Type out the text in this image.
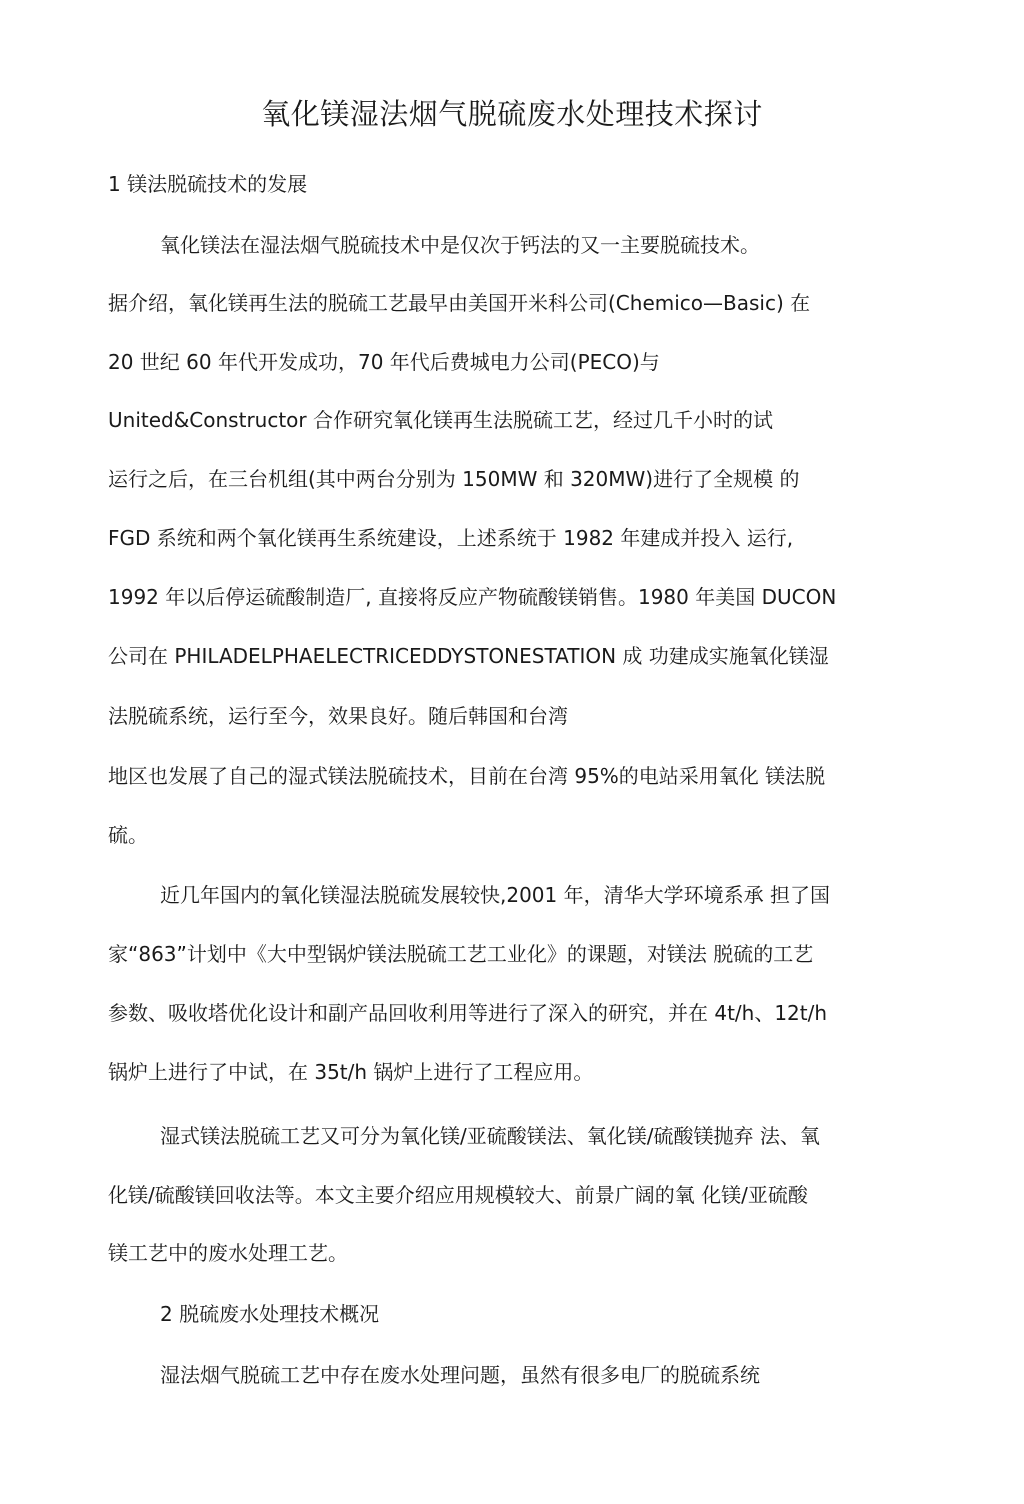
氧化镁湿法烟气脱硫废水处理技术探讨
1 镁法脱硫技术的发展
氧化镁法在湿法烟气脱硫技术中是仅次于钙法的又一主要脱硫技术。
据介绍，氧化镁再生法的脱硫工艺最早由美国开米科公司(Chemico—Basic) 在
20 世纪 60 年代开发成功，70 年代后费城电力公司(PECO)与
United&Constructor 合作研究氧化镁再生法脱硫工艺，经过几千小时的试
运行之后，在三台机组(其中两台分别为 150MW 和 320MW)进行了全规模 的
FGD 系统和两个氧化镁再生系统建设，上述系统于 1982 年建成并投入 运行,
1992 年以后停运硫酸制造厂, 直接将反应产物硫酸镁销售。1980 年美国 DUCON
公司在 PHILADELPHAELECTRICEDDYSTONESTATION 成 功建成实施氧化镁湿
法脱硫系统，运行至今，效果良好。随后韩国和台湾
地区也发展了自己的湿式镁法脱硫技术，目前在台湾 95%的电站采用氧化 镁法脱
硫。
近几年国内的氧化镁湿法脱硫发展较快,2001 年，清华大学环境系承 担了国
家“863”计划中《大中型锅炉镁法脱硫工艺工业化》的课题，对镁法 脱硫的工艺
参数、吸收塔优化设计和副产品回收利用等进行了深入的研究，并在 4t/h、12t/h
锅炉上进行了中试，在 35t/h 锅炉上进行了工程应用。
湿式镁法脱硫工艺又可分为氧化镁/亚硫酸镁法、氧化镁/硫酸镁抛弃 法、氧
化镁/硫酸镁回收法等。本文主要介绍应用规模较大、前景广阔的氧 化镁/亚硫酸
镁工艺中的废水处理工艺。
2 脱硫废水处理技术概况
湿法烟气脱硫工艺中存在废水处理问题，虽然有很多电厂的脱硫系统
